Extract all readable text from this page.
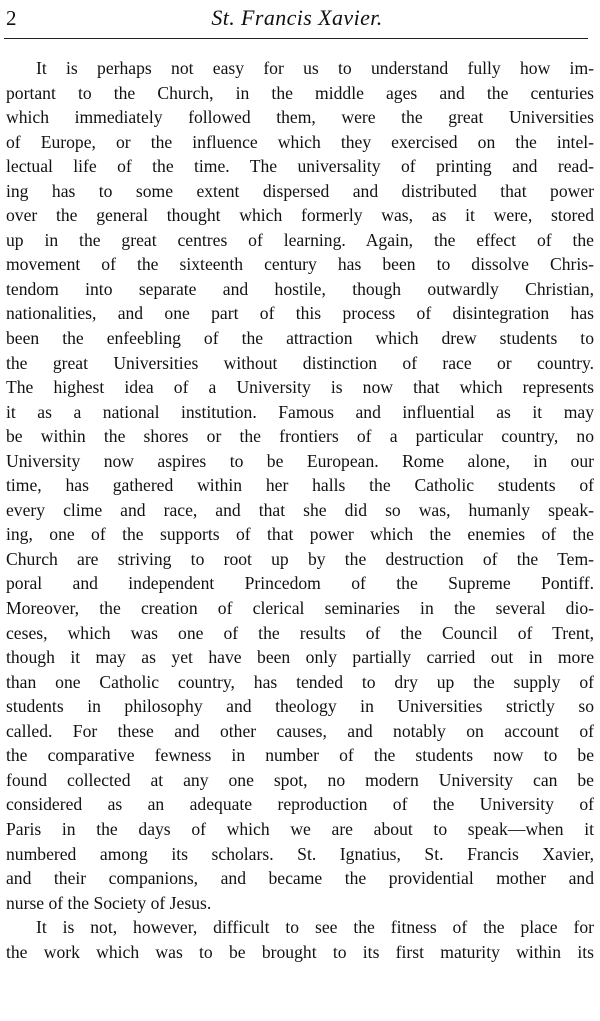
2	St. Francis Xavier.

It is perhaps not easy for us to understand fully how im-
portant to the Church, in the middle ages and the centuries
which immediately followed them, were the great Universities
of Europe, or the influence which they exercised on the intel-
lectual life of the time. The universality of printing and read-
ing has to some extent dispersed and distributed that power
over the general thought which formerly was, as it were, stored
up in the great centres of learning. Again, the effect of the
movement of the sixteenth century has been to dissolve Chris-
tendom into separate and hostile, though outwardly Christian,
nationalities, and one part of this process of disintegration has
been the enfeebling of the attraction which drew students to
the great Universities without distinction of race or country.
The highest idea of a University is now that which represents
it as a national institution. Famous and influential as it may
be within the shores or the frontiers of a particular country, no
University now aspires to be European. Rome alone, in our
time, has gathered within her halls the Catholic students of
every clime and race, and that she did so was, humanly speak-
ing, one of the supports of that power which the enemies of the
Church are striving to root up by the destruction of the Tem-
poral and independent Princedom of the Supreme Pontiff.
Moreover, the creation of clerical seminaries in the several dio-
ceses, which was one of the results of the Council of Trent,
though it may as yet have been only partially carried out in more
than one Catholic country, has tended to dry up the supply of
students in philosophy and theology in Universities strictly so
called. For these and other causes, and notably on account of
the comparative fewness in number of the students now to be
found collected at any one spot, no modern University can be
considered as an adequate reproduction of the University of
Paris in the days of which we are about to speak—when it
numbered among its scholars. St. Ignatius, St. Francis Xavier,
and their companions, and became the providential mother and
nurse of the Society of Jesus.

It is not, however, difficult to see the fitness of the place for
the work which was to be brought to its first maturity within its
